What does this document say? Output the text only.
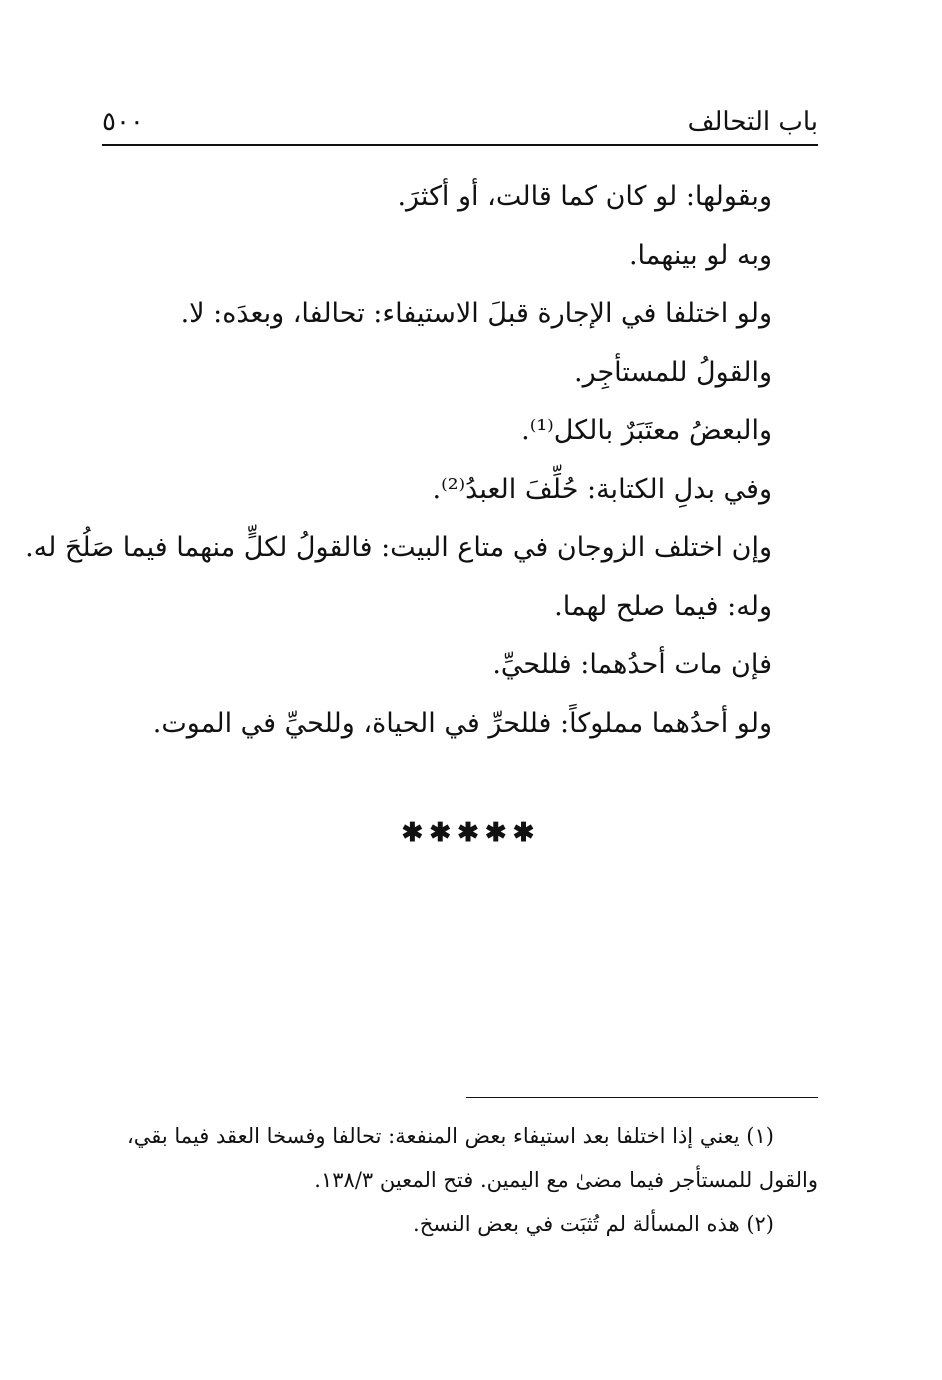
باب التحالف
٥٠٠
وبقولها: لو كان كما قالت، أو أكثرَ.
وبه لو بينهما.
ولو اختلفا في الإجارة قبلَ الاستيفاء: تحالفا، وبعدَه: لا.
والقولُ للمستأجِر.
والبعضُ معتَبَرٌ بالكل⁽¹⁾.
وفي بدلِ الكتابة: حُلِّفَ العبدُ⁽²⁾.
وإن اختلف الزوجان في متاع البيت: فالقولُ لكلٍّ منهما فيما صَلُحَ له.
وله: فيما صلح لهما.
فإن مات أحدُهما: فللحيِّ.
ولو أحدُهما مملوكاً: فللحرِّ في الحياة، وللحيِّ في الموت.
✱✱✱✱✱
(١) يعني إذا اختلفا بعد استيفاء بعض المنفعة: تحالفا وفسخا العقد فيما بقي،
والقول للمستأجر فيما مضىٰ مع اليمين. فتح المعين ١٣٨/٣.
(٢) هذه المسألة لم تُثبَت في بعض النسخ.
